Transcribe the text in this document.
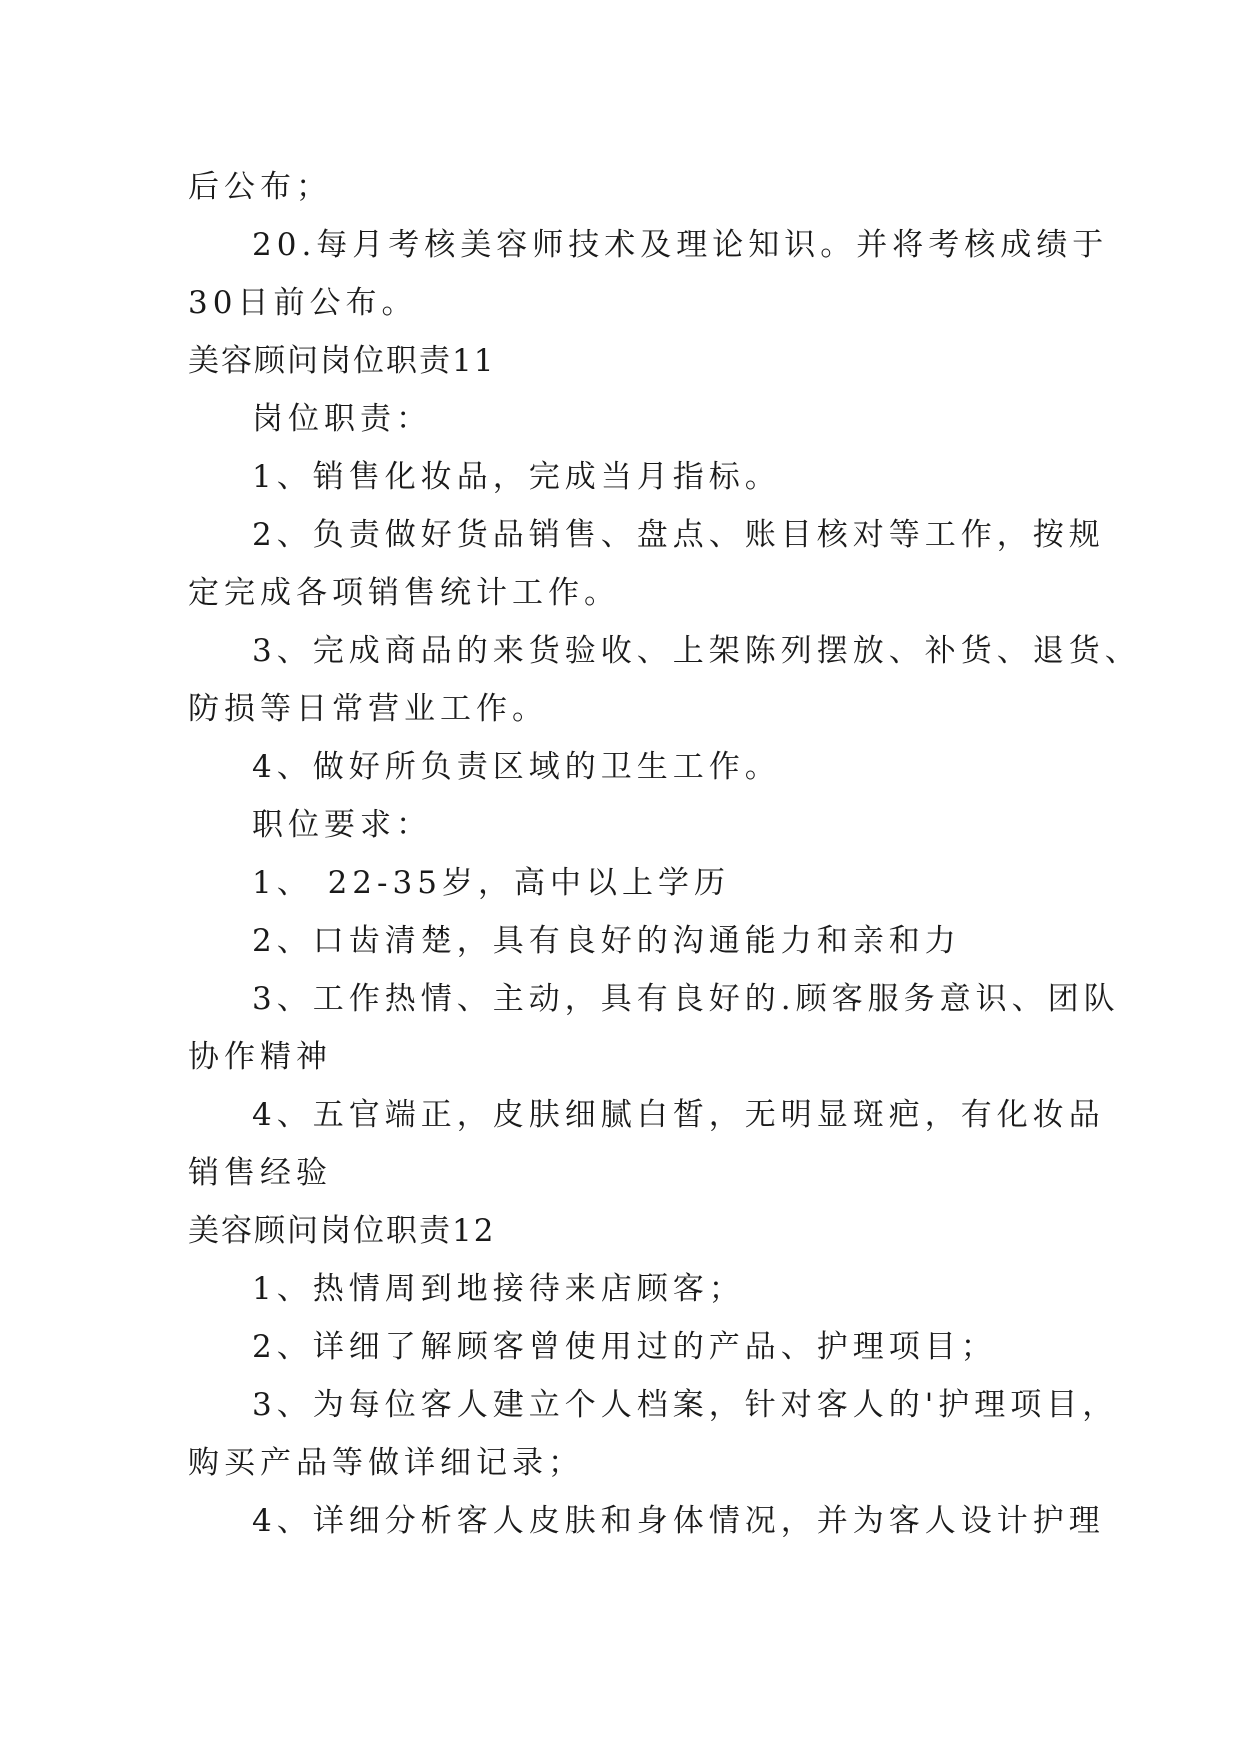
后公布；

20.每月考核美容师技术及理论知识。并将考核成绩于

30日前公布。

美容顾问岗位职责11

岗位职责：

1、销售化妆品，完成当月指标。

2、负责做好货品销售、盘点、账目核对等工作，按规

定完成各项销售统计工作。

3、完成商品的来货验收、上架陈列摆放、补货、退货、

防损等日常营业工作。

4、做好所负责区域的卫生工作。

职位要求：

1、 22-35岁，高中以上学历

2、口齿清楚，具有良好的沟通能力和亲和力

3、工作热情、主动，具有良好的.顾客服务意识、团队

协作精神

4、五官端正，皮肤细腻白皙，无明显斑疤，有化妆品

销售经验

美容顾问岗位职责12

1、热情周到地接待来店顾客；

2、详细了解顾客曾使用过的产品、护理项目；

3、为每位客人建立个人档案，针对客人的'护理项目，

购买产品等做详细记录；

4、详细分析客人皮肤和身体情况，并为客人设计护理
